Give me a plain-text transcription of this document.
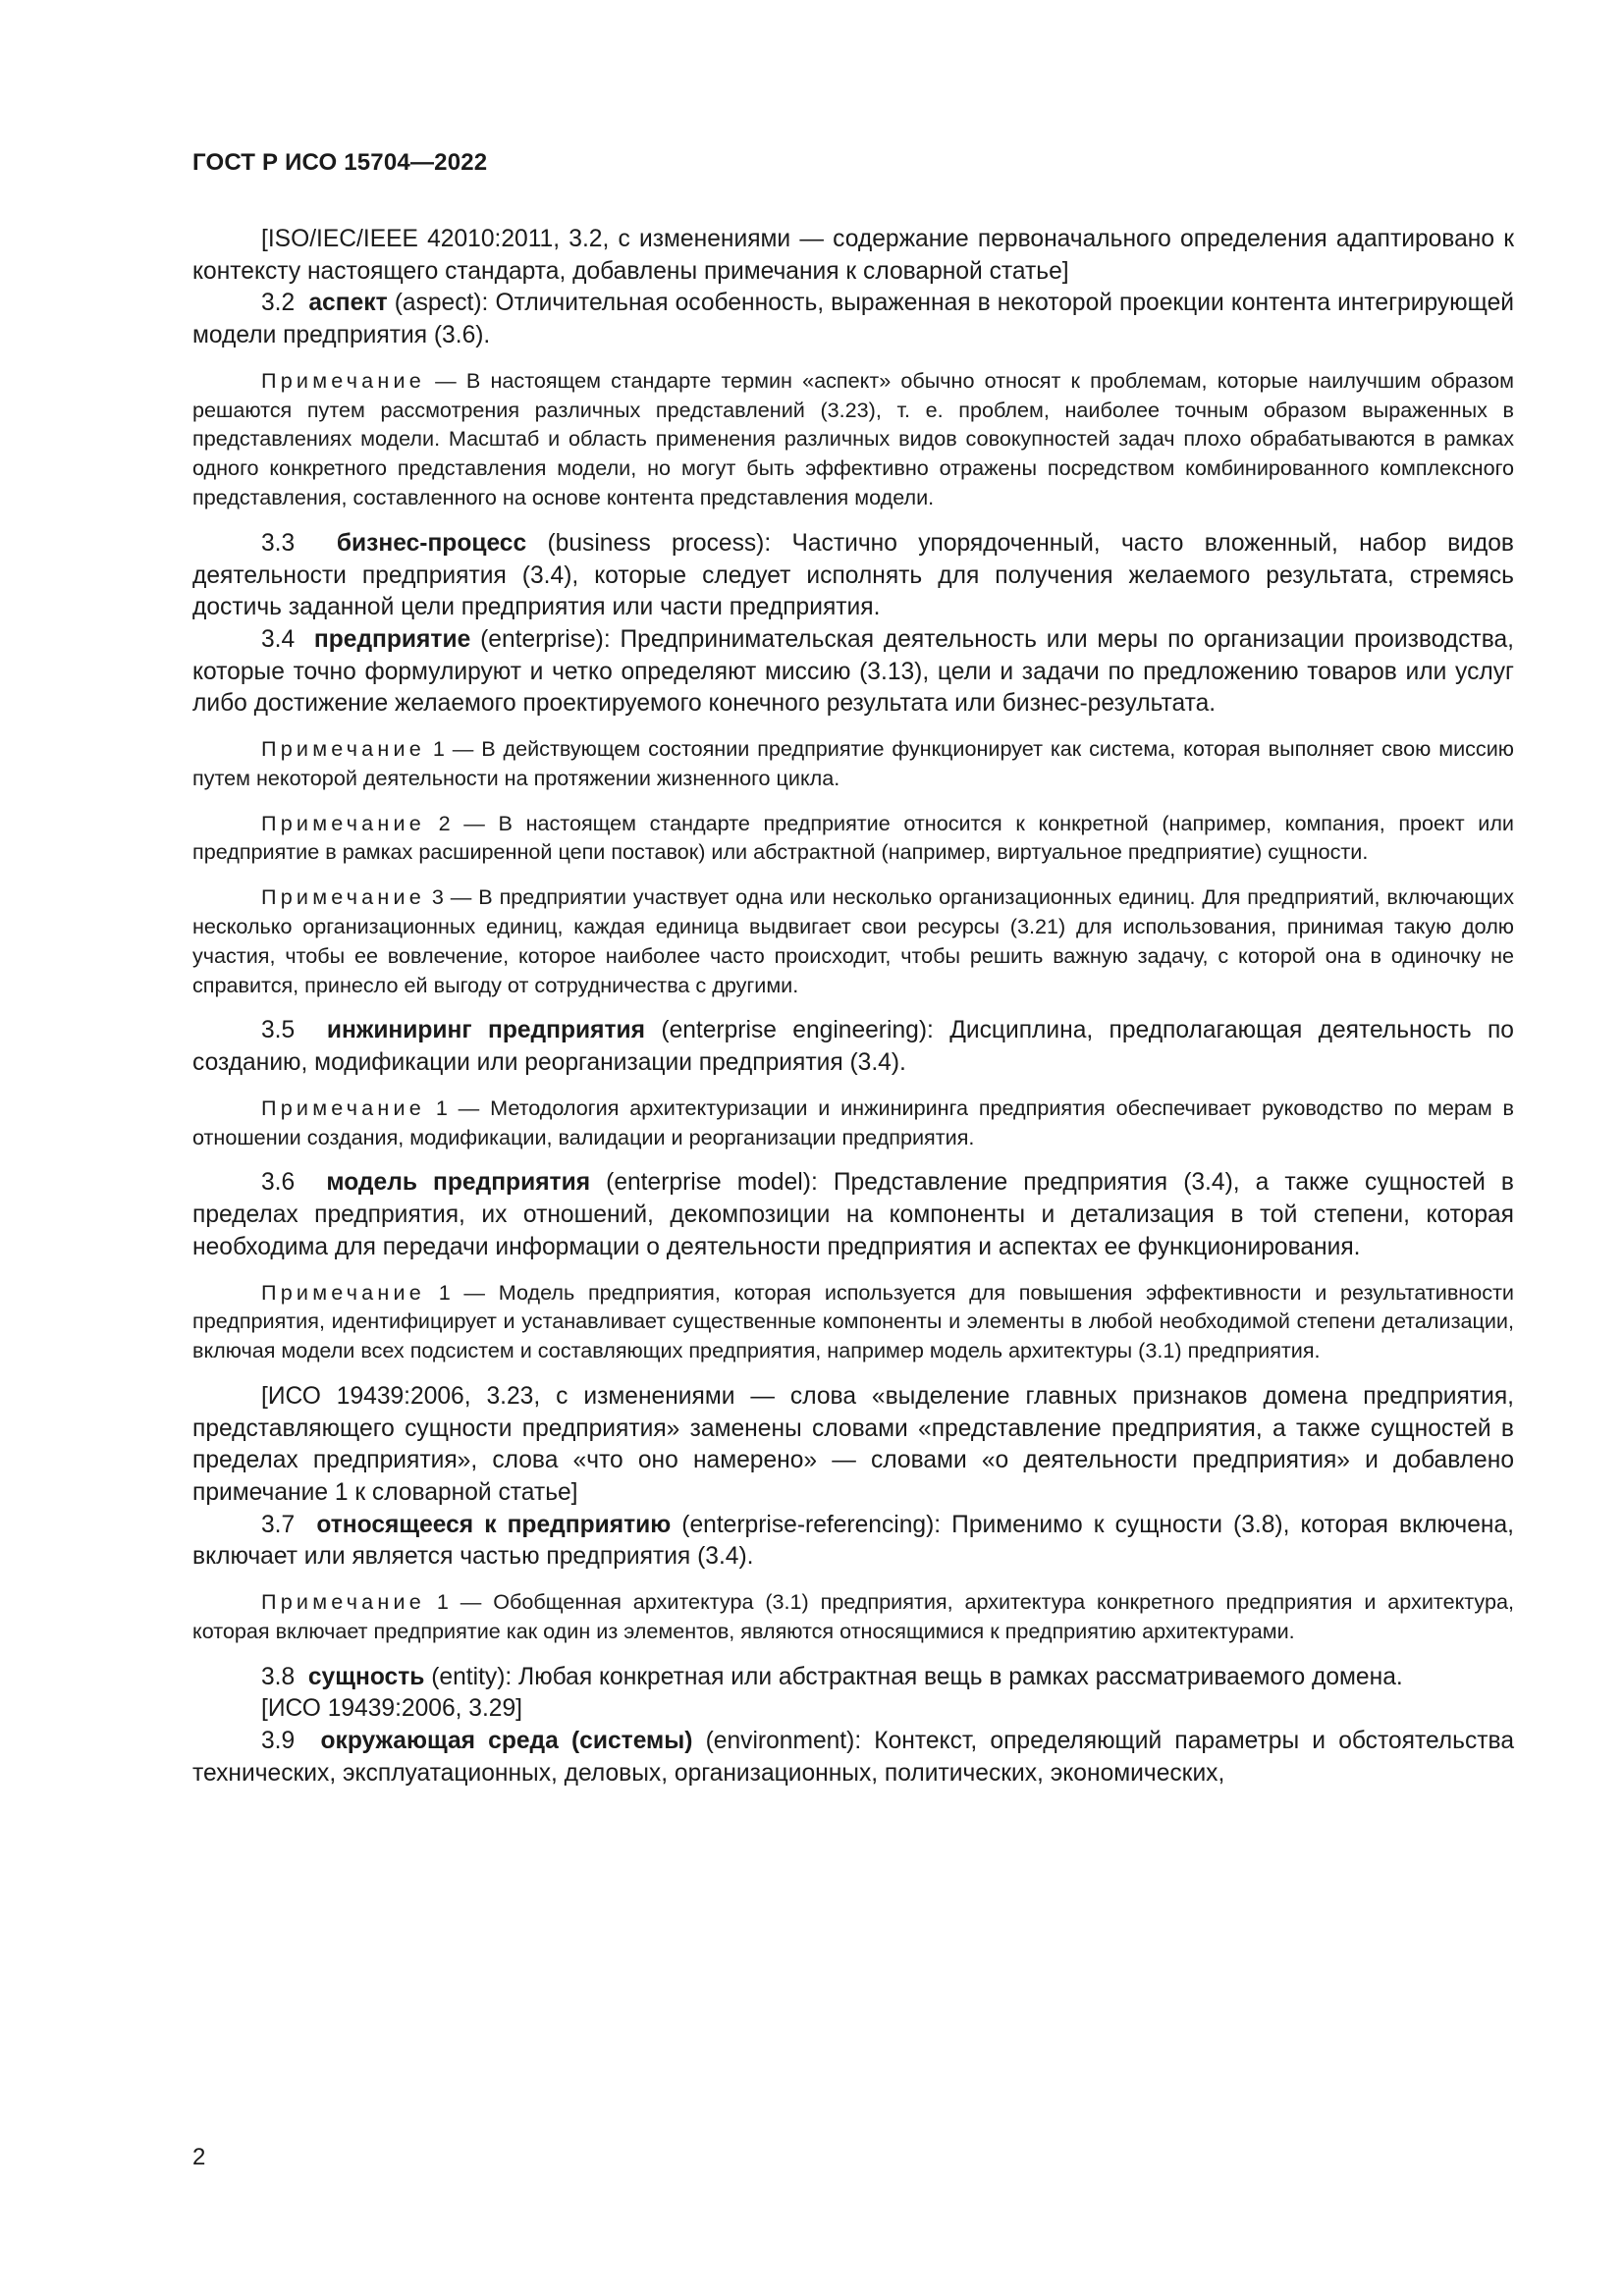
ГОСТ Р ИСО 15704—2022

[ISO/IEC/IEEE 42010:2011, 3.2, с изменениями — содержание первоначального определения адаптировано к контексту настоящего стандарта, добавлены примечания к словарной статье]

3.2 аспект (aspect): Отличительная особенность, выраженная в некоторой проекции контента интегрирующей модели предприятия (3.6).

Примечание — В настоящем стандарте термин «аспект» обычно относят к проблемам, которые наилучшим образом решаются путем рассмотрения различных представлений (3.23), т. е. проблем, наиболее точным образом выраженных в представлениях модели. Масштаб и область применения различных видов совокупностей задач плохо обрабатываются в рамках одного конкретного представления модели, но могут быть эффективно отражены посредством комбинированного комплексного представления, составленного на основе контента представления модели.

3.3 бизнес-процесс (business process): Частично упорядоченный, часто вложенный, набор видов деятельности предприятия (3.4), которые следует исполнять для получения желаемого результата, стремясь достичь заданной цели предприятия или части предприятия.

3.4 предприятие (enterprise): Предпринимательская деятельность или меры по организации производства, которые точно формулируют и четко определяют миссию (3.13), цели и задачи по предложению товаров или услуг либо достижение желаемого проектируемого конечного результата или бизнес-результата.

Примечание 1 — В действующем состоянии предприятие функционирует как система, которая выполняет свою миссию путем некоторой деятельности на протяжении жизненного цикла.

Примечание 2 — В настоящем стандарте предприятие относится к конкретной (например, компания, проект или предприятие в рамках расширенной цепи поставок) или абстрактной (например, виртуальное предприятие) сущности.

Примечание 3 — В предприятии участвует одна или несколько организационных единиц. Для предприятий, включающих несколько организационных единиц, каждая единица выдвигает свои ресурсы (3.21) для использования, принимая такую долю участия, чтобы ее вовлечение, которое наиболее часто происходит, чтобы решить важную задачу, с которой она в одиночку не справится, принесло ей выгоду от сотрудничества с другими.

3.5 инжиниринг предприятия (enterprise engineering): Дисциплина, предполагающая деятельность по созданию, модификации или реорганизации предприятия (3.4).

Примечание 1 — Методология архитектуризации и инжиниринга предприятия обеспечивает руководство по мерам в отношении создания, модификации, валидации и реорганизации предприятия.

3.6 модель предприятия (enterprise model): Представление предприятия (3.4), а также сущностей в пределах предприятия, их отношений, декомпозиции на компоненты и детализация в той степени, которая необходима для передачи информации о деятельности предприятия и аспектах ее функционирования.

Примечание 1 — Модель предприятия, которая используется для повышения эффективности и результативности предприятия, идентифицирует и устанавливает существенные компоненты и элементы в любой необходимой степени детализации, включая модели всех подсистем и составляющих предприятия, например модель архитектуры (3.1) предприятия.

[ИСО 19439:2006, 3.23, с изменениями — слова «выделение главных признаков домена предприятия, представляющего сущности предприятия» заменены словами «представление предприятия, а также сущностей в пределах предприятия», слова «что оно намерено» — словами «о деятельности предприятия» и добавлено примечание 1 к словарной статье]

3.7 относящееся к предприятию (enterprise-referencing): Применимо к сущности (3.8), которая включена, включает или является частью предприятия (3.4).

Примечание 1 — Обобщенная архитектура (3.1) предприятия, архитектура конкретного предприятия и архитектура, которая включает предприятие как один из элементов, являются относящимися к предприятию архитектурами.

3.8 сущность (entity): Любая конкретная или абстрактная вещь в рамках рассматриваемого домена.

[ИСО 19439:2006, 3.29]

3.9 окружающая среда (системы) (environment): Контекст, определяющий параметры и обстоятельства технических, эксплуатационных, деловых, организационных, политических, экономических,

2
